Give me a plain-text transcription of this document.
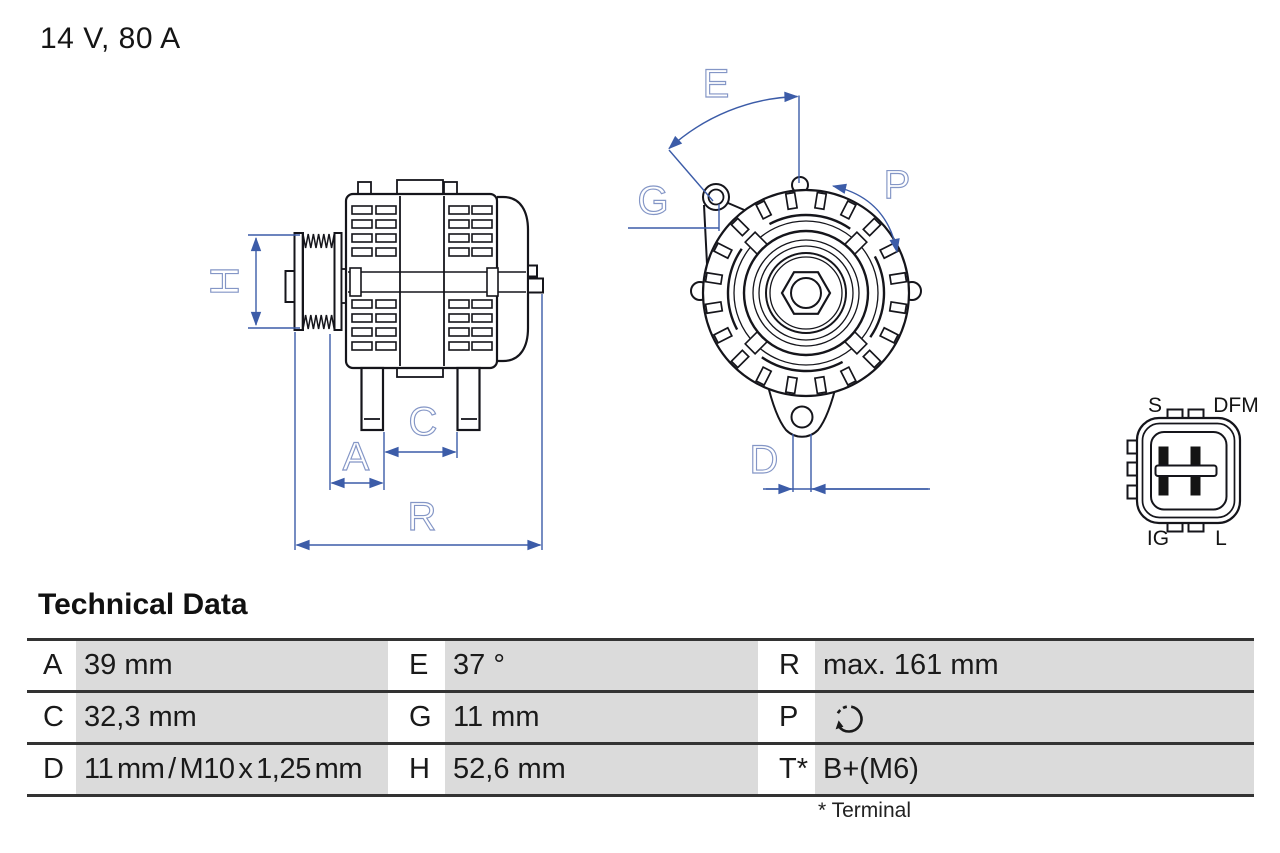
14 V, 80 A
H
A
C
R
E
G	P
D
S DFM
IG L
Technical Data
A 39 mm	E 37 °	R max. 161 mm
C 32,3 mm	G 11 mm	P
D 11 mm / M10 x 1,25 mm	H 52,6 mm	T* B+(M6)
* Terminal
